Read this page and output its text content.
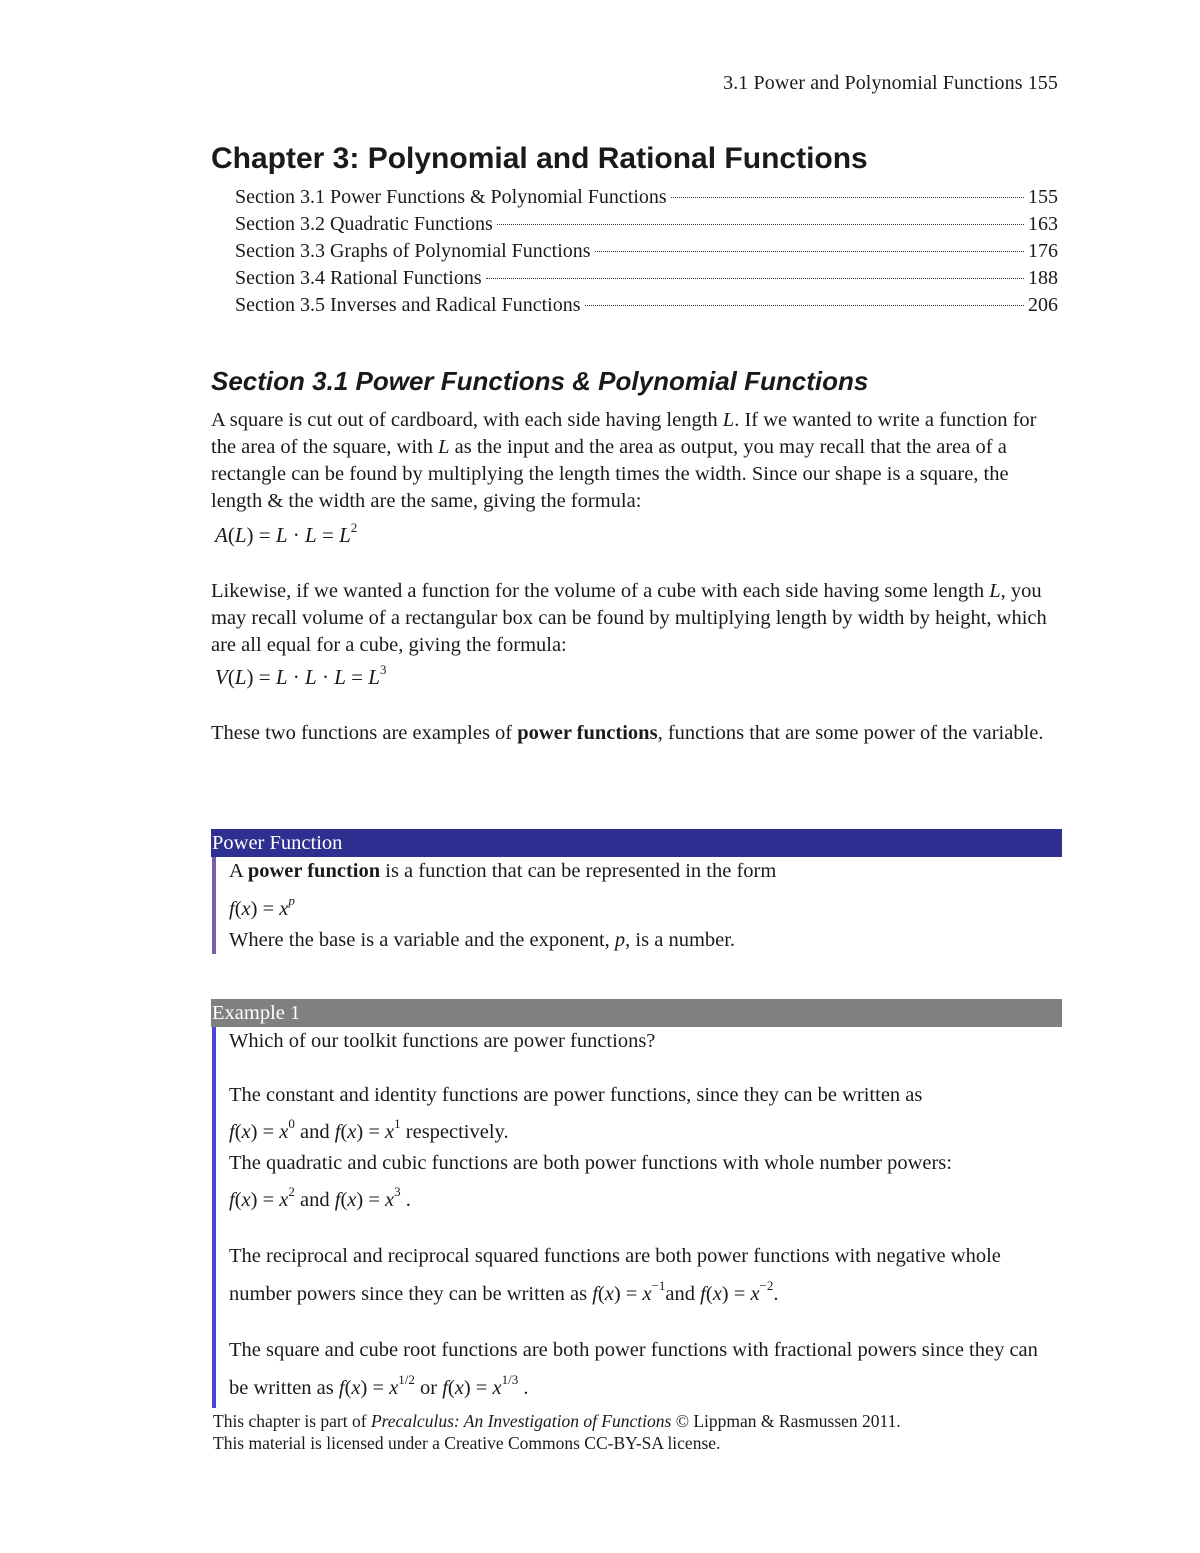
3.1 Power and Polynomial Functions 155
Chapter 3: Polynomial and Rational Functions
Section 3.1 Power Functions & Polynomial Functions	155
Section 3.2 Quadratic Functions	163
Section 3.3 Graphs of Polynomial Functions	176
Section 3.4 Rational Functions	188
Section 3.5 Inverses and Radical Functions	206
Section 3.1 Power Functions & Polynomial Functions

A square is cut out of cardboard, with each side having length L. If we wanted to write a function for the area of the square, with L as the input and the area as output, you may recall that the area of a rectangle can be found by multiplying the length times the width. Since our shape is a square, the length & the width are the same, giving the formula:

$A(L) = L \cdot L = L^2$

Likewise, if we wanted a function for the volume of a cube with each side having some length L, you may recall volume of a rectangular box can be found by multiplying length by width by height, which are all equal for a cube, giving the formula:

$V(L) = L \cdot L \cdot L = L^3$

These two functions are examples of power functions, functions that are some power of the variable.

Power Function
A power function is a function that can be represented in the form
$f(x) = x^p$
Where the base is a variable and the exponent, p, is a number.
Example 1
Which of our toolkit functions are power functions?
The constant and identity functions are power functions, since they can be written as
$f(x) = x^0$ and $f(x) = x^1$ respectively.
The quadratic and cubic functions are both power functions with whole number powers:
$f(x) = x^2$ and $f(x) = x^3$ .
The reciprocal and reciprocal squared functions are both power functions with negative whole number powers since they can be written as $f(x) = x^{-1}and$ $f(x) = x^{-2}$.
The square and cube root functions are both power functions with fractional powers since they can be written as $f(x) = x^{1/2}$ or $f(x) = x^{1/3}$ .
This chapter is part of Precalculus: An Investigation of Functions © Lippman & Rasmussen 2011.
This material is licensed under a Creative Commons CC-BY-SA license.
